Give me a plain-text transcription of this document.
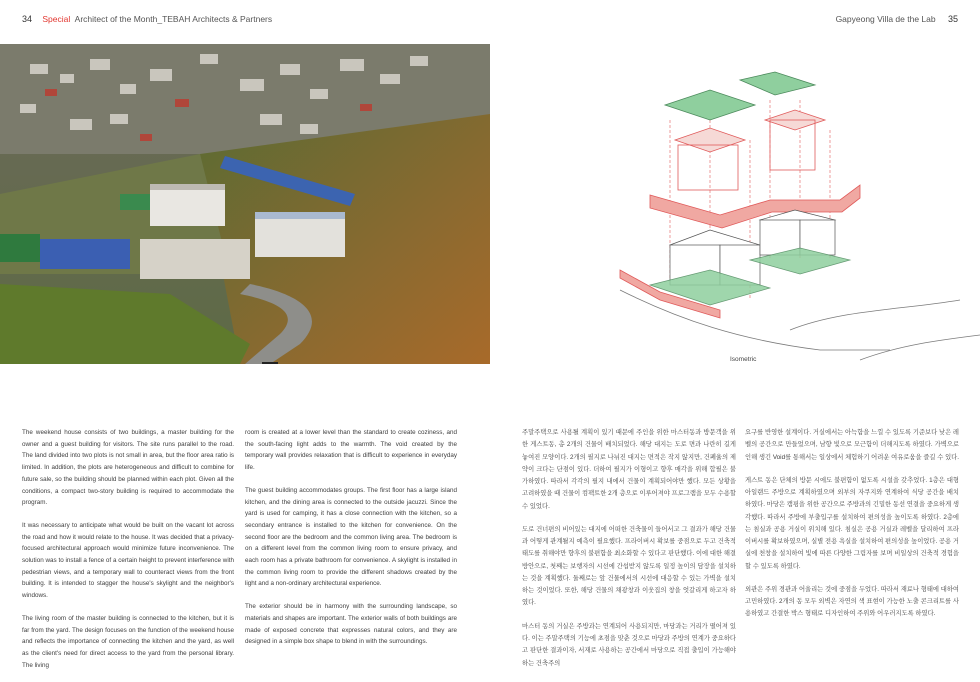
34 Special Architect of the Month_TEBAH Architects & Partners	Gapyeong Villa de the Lab 35
Isometric

The weekend house consists of two buildings, a master building for the owner and a guest building for visitors. The site runs parallel to the road. The land divided into two plots is not small in area, but the floor area ratio is limited. In addition, the plots are heterogeneous and difficult to combine for future sale, so the building should be planned within each plot. Given all the conditions, a compact two-story building is required to accommodate the program.

It was necessary to anticipate what would be built on the vacant lot across the road and how it would relate to the house. It was decided that a privacy-focused architectural approach would minimize future inconvenience. The solution was to install a fence of a certain height to prevent interference with pedestrian views, and a temporary wall to counteract views from the front building. It is intended to stagger the house's skylight and the neighbor's windows.

The living room of the master building is connected to the kitchen, but it is far from the yard. The design focuses on the function of the weekend house and reflects the importance of connecting the kitchen and the yard, as well as the client's need for direct access to the yard from the personal library. The living

room is created at a lower level than the standard to create coziness, and the south-facing light adds to the warmth. The void created by the temporary wall provides relaxation that is difficult to experience in everyday life.

The guest building accommodates groups. The first floor has a large island kitchen, and the dining area is connected to the outside jacuzzi. Since the yard is used for camping, it has a close connection with the kitchen, so a secondary entrance is installed to the kitchen for convenience. On the second floor are the bedroom and the common living area. The bedroom is on a different level from the common living room to ensure privacy, and each room has a private bathroom for convenience. A skylight is installed in the common living room to provide the different shadows created by the light and a non-ordinary architectural experience.

The exterior should be in harmony with the surrounding landscape, so materials and shapes are important. The exterior walls of both buildings are made of exposed concrete that expresses natural colors, and they are designed in a simple box shape to blend in with the surroundings.

주말주택으로 사용될 계획이 있기 때문에 주인을 위한 마스터동과 방문객을 위한 게스트동, 총 2개의 건물이 배치되었다. 해당 대지는 도로 면과 나란히 길게 놓여진 모양이다. 2개의 필지로 나뉘진 대지는 면적은 작지 않지만, 건폐율의 제약이 크다는 단점이 있다. 더하여 필지가 이형이고 향후 매각을 위해 합필은 불가하였다. 따라서 각각의 필지 내에서 건물이 계획되어야만 했다. 모든 상황을 고려하였을 때 건물이 컴팩트한 2개 층으로 이루어져야 프로그램을 모두 수용할 수 있었다.

도로 건너편의 비어있는 대지에 어떠한 건축물이 들어서고 그 결과가 해당 건물과 어떻게 관계될지 예측이 필요했다. 프라이버시 확보를 중점으로 두고 건축적 태도를 취해야만 향후의 불편함을 최소화할 수 있다고 판단했다. 이에 대한 해결 방안으로, 첫째는 보행자의 시선에 간섭받지 않도록 일정 높이의 담장을 설치하는 것을 계획했다. 둘째로는 앞 건물에서의 시선에 대응할 수 있는 가벽을 설치하는 것이었다. 또한, 해당 건물의 채광창과 이웃집의 창을 엇갈리게 하고자 하였다.

마스터 동의 거실은 주방과는 연계되어 사용되지만, 마당과는 거리가 떨어져 있다. 이는 주말주택의 기능에 초점을 맞춘 것으로 마당과 주방의 연계가 중요하다고 판단한 결과이자, 서재로 사용하는 공간에서 마당으로 직접 출입이 가능해야 하는 건축주의

요구를 반영한 설계이다. 거실에서는 아늑함을 느낄 수 있도록 기준보다 낮은 레벨의 공간으로 만들었으며, 남향 빛으로 모근함이 더해지도록 하였다. 가벽으로 인해 생긴 Void를 통해서는 일상에서 체험하기 어려운 여유로움을 즐길 수 있다.

게스트 동은 단체의 방문 시에도 불편함이 없도록 시설을 갖추었다. 1층은 대형 아일랜드 주방으로 계획하였으며 외부의 자쿠지와 연계하여 식당 공간을 배치하였다. 마당은 캠핑을 위한 공간으로 주방과의 긴밀한 동선 연결을 중요하게 생각했다. 따라서 주방에 부출입구를 설치하여 편의성을 높이도록 하였다. 2층에는 침실과 공용 거실이 위치해 있다. 침실은 공용 거실과 레벨을 달리하여 프라이버시를 확보하였으며, 실별 전용 욕실을 설치하여 편의성을 높이었다. 공용 거실에 천창을 설치하여 빛에 따른 다양한 그림자를 보며 비일상의 건축적 경험을 할 수 있도록 하였다.

외관은 주위 경관과 어울리는 것에 중점을 두었다. 따라서 재료나 형태에 대하여 고민하였다. 2개의 동 모두 외벽은 자연의 색 표현이 가능한 노출 콘크리트를 사용하였고 간결한 박스 형태로 디자인하여 주위와 어우러지도록 하였다.
